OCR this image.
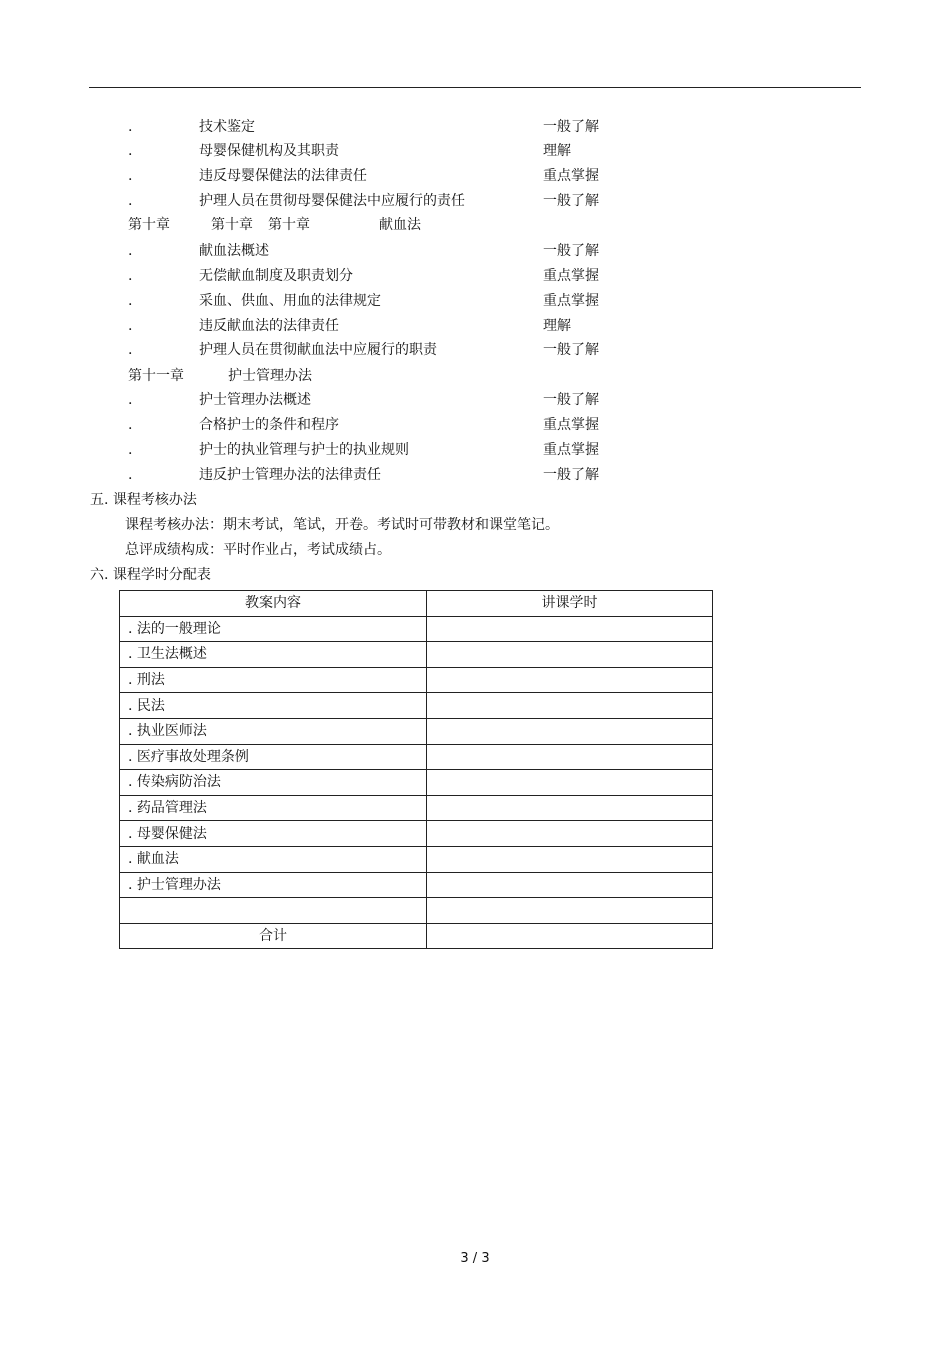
.	技术鉴定	一般了解
.	母婴保健机构及其职责	理解
.	违反母婴保健法的法律责任	重点掌握
.	护理人员在贯彻母婴保健法中应履行的责任	一般了解
第十章	第十章 第十章	献血法
.	献血法概述	一般了解
.	无偿献血制度及职责划分	重点掌握
.	采血、供血、用血的法律规定	重点掌握
.	违反献血法的法律责任	理解
.	护理人员在贯彻献血法中应履行的职责	一般了解
第十一章	护士管理办法
.	护士管理办法概述	一般了解
.	合格护士的条件和程序	重点掌握
.	护士的执业管理与护士的执业规则	重点掌握
.	违反护士管理办法的法律责任	一般了解
五. 课程考核办法
课程考核办法：期末考试，笔试，开卷。考试时可带教材和课堂笔记。
总评成绩构成：平时作业占，考试成绩占。
六. 课程学时分配表
教案内容	讲课学时
. 法的一般理论	
. 卫生法概述	
. 刑法	
. 民法	
. 执业医师法	
. 医疗事故处理条例	
. 传染病防治法	
. 药品管理法	
. 母婴保健法	
. 献血法	
. 护士管理办法	

合计	
3 / 3
